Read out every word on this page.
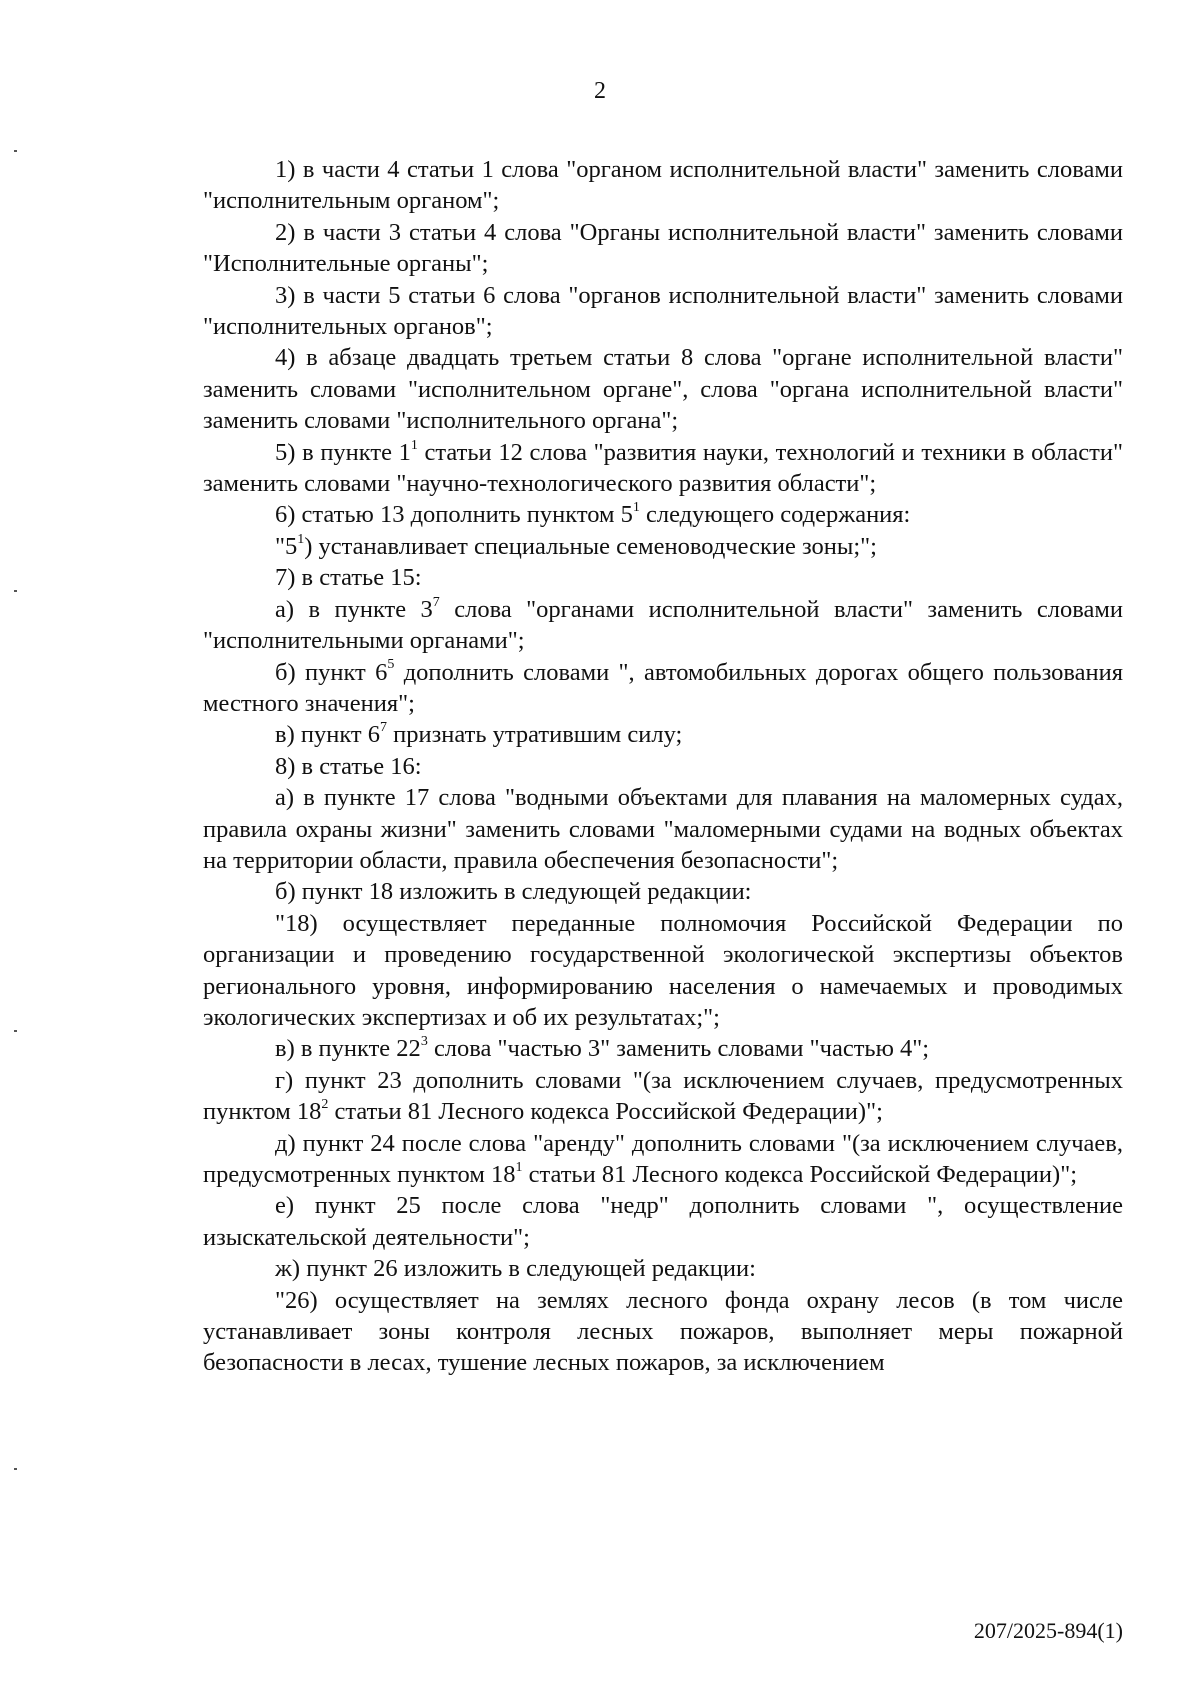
2

1) в части 4 статьи 1 слова "органом исполнительной власти" заменить словами "исполнительным органом";

2) в части 3 статьи 4 слова "Органы исполнительной власти" заменить словами "Исполнительные органы";

3) в части 5 статьи 6 слова "органов исполнительной власти" заменить словами "исполнительных органов";

4) в абзаце двадцать третьем статьи 8 слова "органе исполнительной власти" заменить словами "исполнительном органе", слова "органа исполнительной власти" заменить словами "исполнительного органа";

5) в пункте $1^1$ статьи 12 слова "развития науки, технологий и техники в области" заменить словами "научно-технологического развития области";

6) статью 13 дополнить пунктом $5^1$ следующего содержания:

"$5^1$) устанавливает специальные семеноводческие зоны;";

7) в статье 15:

а) в пункте $3^7$ слова "органами исполнительной власти" заменить словами "исполнительными органами";

б) пункт $6^5$ дополнить словами ", автомобильных дорогах общего пользования местного значения";

в) пункт $6^7$ признать утратившим силу;

8) в статье 16:

а) в пункте 17 слова "водными объектами для плавания на маломерных судах, правила охраны жизни" заменить словами "маломерными судами на водных объектах на территории области, правила обеспечения безопасности";

б) пункт 18 изложить в следующей редакции:

"18) осуществляет переданные полномочия Российской Федерации по организации и проведению государственной экологической экспертизы объектов регионального уровня, информированию населения о намечаемых и проводимых экологических экспертизах и об их результатах;";

в) в пункте $22^3$ слова "частью 3" заменить словами "частью 4";

г) пункт 23 дополнить словами "(за исключением случаев, предусмотренных пунктом $18^2$ статьи 81 Лесного кодекса Российской Федерации)";

д) пункт 24 после слова "аренду" дополнить словами "(за исключением случаев, предусмотренных пунктом $18^1$ статьи 81 Лесного кодекса Российской Федерации)";

е) пункт 25 после слова "недр" дополнить словами ", осуществление изыскательской деятельности";

ж) пункт 26 изложить в следующей редакции:

"26) осуществляет на землях лесного фонда охрану лесов (в том числе устанавливает зоны контроля лесных пожаров, выполняет меры пожарной безопасности в лесах, тушение лесных пожаров, за исключением

207/2025-894(1)
